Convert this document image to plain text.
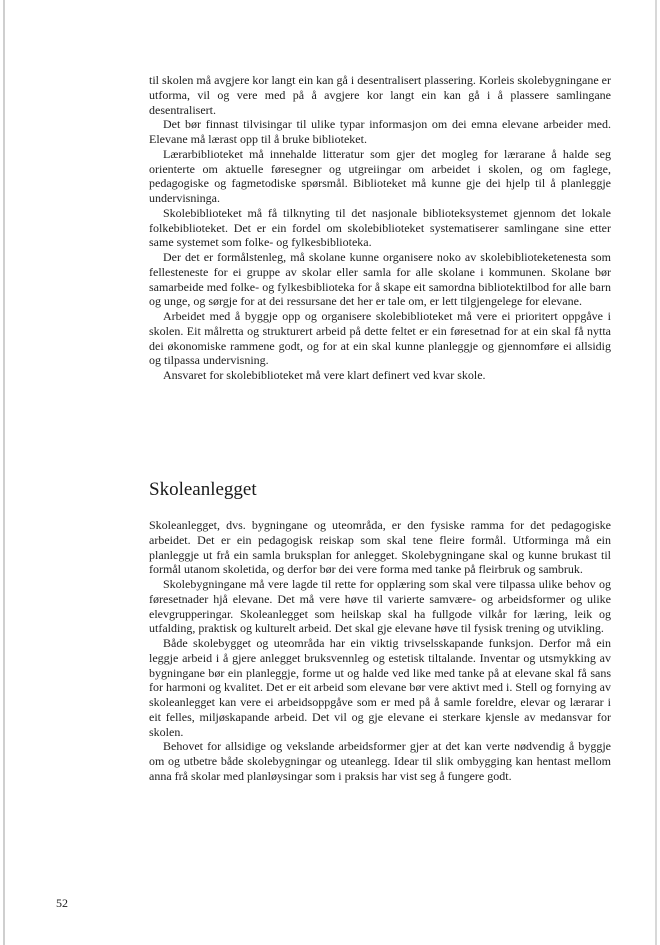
til skolen må avgjere kor langt ein kan gå i desentralisert plassering. Korleis skolebygningane er utforma, vil og vere med på å avgjere kor langt ein kan gå i å plassere samlingane desentralisert.

Det bør finnast tilvisingar til ulike typar informasjon om dei emna elevane arbeider med. Elevane må lærast opp til å bruke biblioteket.

Lærarbiblioteket må innehalde litteratur som gjer det mogleg for lærarane å halde seg orienterte om aktuelle føresegner og utgreiingar om arbeidet i skolen, og om faglege, pedagogiske og fagmetodiske spørsmål. Biblioteket må kunne gje dei hjelp til å planleggje undervisninga.

Skolebiblioteket må få tilknyting til det nasjonale biblioteksystemet gjennom det lokale folkebiblioteket. Det er ein fordel om skolebiblioteket systematiserer samlingane sine etter same systemet som folke- og fylkesbiblioteka.

Der det er formålstenleg, må skolane kunne organisere noko av skolebiblioteketenesta som fellesteneste for ei gruppe av skolar eller samla for alle skolane i kommunen. Skolane bør samarbeide med folke- og fylkesbiblioteka for å skape eit samordna bibliotektilbod for alle barn og unge, og sørgje for at dei ressursane det her er tale om, er lett tilgjengelege for elevane.

Arbeidet med å byggje opp og organisere skolebiblioteket må vere ei prioritert oppgåve i skolen. Eit målretta og strukturert arbeid på dette feltet er ein føresetnad for at ein skal få nytta dei økonomiske rammene godt, og for at ein skal kunne planleggje og gjennomføre ei allsidig og tilpassa undervisning.

Ansvaret for skolebiblioteket må vere klart definert ved kvar skole.

Skoleanlegget

Skoleanlegget, dvs. bygningane og uteområda, er den fysiske ramma for det pedagogiske arbeidet. Det er ein pedagogisk reiskap som skal tene fleire formål. Utforminga må ein planleggje ut frå ein samla bruksplan for anlegget. Skolebygningane skal og kunne brukast til formål utanom skoletida, og derfor bør dei vere forma med tanke på fleirbruk og sambruk.

Skolebygningane må vere lagde til rette for opplæring som skal vere tilpassa ulike behov og føresetnader hjå elevane. Det må vere høve til varierte samvære- og arbeidsformer og ulike elevgrupperingar. Skoleanlegget som heilskap skal ha fullgode vilkår for læring, leik og utfalding, praktisk og kulturelt arbeid. Det skal gje elevane høve til fysisk trening og utvikling.

Både skolebygget og uteområda har ein viktig trivselsskapande funksjon. Derfor må ein leggje arbeid i å gjere anlegget bruksvennleg og estetisk tiltalande. Inventar og utsmykking av bygningane bør ein planleggje, forme ut og halde ved like med tanke på at elevane skal få sans for harmoni og kvalitet. Det er eit arbeid som elevane bør vere aktivt med i. Stell og fornying av skoleanlegget kan vere ei arbeidsoppgåve som er med på å samle foreldre, elevar og lærarar i eit felles, miljøskapande arbeid. Det vil og gje elevane ei sterkare kjensle av medansvar for skolen.

Behovet for allsidige og vekslande arbeidsformer gjer at det kan verte nødvendig å byggje om og utbetre både skolebygningar og uteanlegg. Idear til slik ombygging kan hentast mellom anna frå skolar med planløysingar som i praksis har vist seg å fungere godt.

52
